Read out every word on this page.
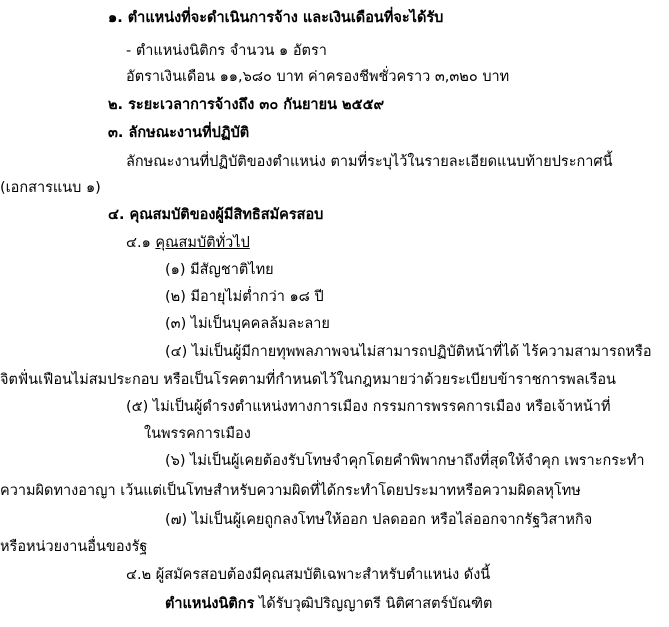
๑. ตำแหน่งที่จะดำเนินการจ้าง และเงินเดือนที่จะได้รับ
- ตำแหน่งนิติกร จำนวน ๑ อัตรา
อัตราเงินเดือน ๑๑,๖๘๐ บาท ค่าครองชีพชั่วคราว ๓,๓๒๐ บาท
๒. ระยะเวลาการจ้างถึง ๓๐ กันยายน ๒๕๕๙
๓. ลักษณะงานที่ปฏิบัติ
ลักษณะงานที่ปฏิบัติของตำแหน่ง ตามที่ระบุไว้ในรายละเอียดแนบท้ายประกาศนี้
(เอกสารแนบ ๑)
๔. คุณสมบัติของผู้มีสิทธิสมัครสอบ
๔.๑ คุณสมบัติทั่วไป
(๑) มีสัญชาติไทย
(๒) มีอายุไม่ต่ำกว่า ๑๘ ปี
(๓) ไม่เป็นบุคคลล้มละลาย
(๔) ไม่เป็นผู้มีกายทุพพลภาพจนไม่สามารถปฏิบัติหน้าที่ได้ ไร้ความสามารถหรือ
จิตฟั่นเฟือนไม่สมประกอบ หรือเป็นโรคตามที่กำหนดไว้ในกฎหมายว่าด้วยระเบียบข้าราชการพลเรือน
(๕) ไม่เป็นผู้ดำรงตำแหน่งทางการเมือง กรรมการพรรคการเมือง หรือเจ้าหน้าที่
ในพรรคการเมือง
(๖) ไม่เป็นผู้เคยต้องรับโทษจำคุกโดยคำพิพากษาถึงที่สุดให้จำคุก เพราะกระทำ
ความผิดทางอาญา เว้นแต่เป็นโทษสำหรับความผิดที่ได้กระทำโดยประมาทหรือความผิดลหุโทษ
(๗) ไม่เป็นผู้เคยถูกลงโทษให้ออก ปลดออก หรือไล่ออกจากรัฐวิสาหกิจ
หรือหน่วยงานอื่นของรัฐ
๔.๒ ผู้สมัครสอบต้องมีคุณสมบัติเฉพาะสำหรับตำแหน่ง ดังนี้
ตำแหน่งนิติกร ได้รับวุฒิปริญญาตรี นิติศาสตร์บัณฑิต
